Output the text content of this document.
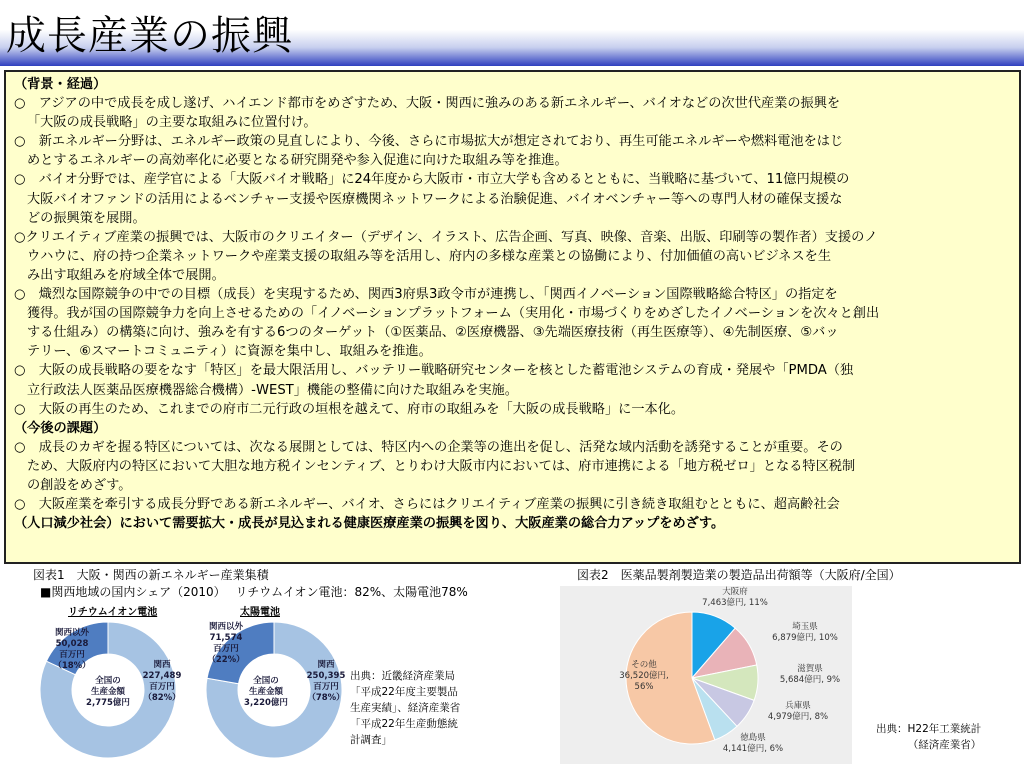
成長産業の振興
（背景・経過）
○　アジアの中で成長を成し遂げ、ハイエンド都市をめざすため、大阪・関西に強みのある新エネルギー、バイオなどの次世代産業の振興を
「大阪の成長戦略」の主要な取組みに位置付け。
○　新エネルギー分野は、エネルギー政策の見直しにより、今後、さらに市場拡大が想定されており、再生可能エネルギーや燃料電池をはじ
めとするエネルギーの高効率化に必要となる研究開発や参入促進に向けた取組み等を推進。
○　バイオ分野では、産学官による「大阪バイオ戦略」に24年度から大阪市・市立大学も含めるとともに、当戦略に基づいて、11億円規模の
大阪バイオファンドの活用によるベンチャー支援や医療機関ネットワークによる治験促進、バイオベンチャー等への専門人材の確保支援な
どの振興策を展開。
○クリエイティブ産業の振興では、大阪市のクリエイター（デザイン、イラスト、広告企画、写真、映像、音楽、出版、印刷等の製作者）支援のノ
ウハウに、府の持つ企業ネットワークや産業支援の取組み等を活用し、府内の多様な産業との協働により、付加価値の高いビジネスを生
み出す取組みを府域全体で展開。
○　熾烈な国際競争の中での目標（成長）を実現するため、関西3府県3政令市が連携し、「関西イノベーション国際戦略総合特区」の指定を
獲得。我が国の国際競争力を向上させるための「イノベーションプラットフォーム（実用化・市場づくりをめざしたイノベーションを次々と創出
する仕組み）の構築に向け、強みを有する6つのターゲット（①医薬品、②医療機器、③先端医療技術（再生医療等）、④先制医療、⑤バッ
テリー、⑥スマートコミュニティ）に資源を集中し、取組みを推進。
○　大阪の成長戦略の要をなす「特区」を最大限活用し、バッテリー戦略研究センターを核とした蓄電池システムの育成・発展や「PMDA（独
立行政法人医薬品医療機器総合機構）-WEST」機能の整備に向けた取組みを実施。
○　大阪の再生のため、これまでの府市二元行政の垣根を越えて、府市の取組みを「大阪の成長戦略」に一本化。
（今後の課題）
○　成長のカギを握る特区については、次なる展開としては、特区内への企業等の進出を促し、活発な域内活動を誘発することが重要。その
ため、大阪府内の特区において大胆な地方税インセンティブ、とりわけ大阪市内においては、府市連携による「地方税ゼロ」となる特区税制
の創設をめざす。
○　大阪産業を牽引する成長分野である新エネルギー、バイオ、さらにはクリエイティブ産業の振興に引き続き取組むとともに、超高齢社会
（人口減少社会）において需要拡大・成長が見込まれる健康医療産業の振興を図り、大阪産業の総合力アップをめざす。
図表1　大阪・関西の新エネルギー産業集積
■関西地域の国内シェア（2010）　 リチウムイオン電池：82%、太陽電池78%
リチウムイオン電池	太陽電池
関西以外
50,028
百万円
（18%）	関西
227,489
百万円
（82%）
全国の
生産金額
2,775億円
関西以外
71,574
百万円
（22%）	関西
250,395
百万円
（78%）
全国の
生産金額
3,220億円
出典：近畿経済産業局
「平成22年度主要製品
生産実績」、経済産業省
「平成22年生産動態統
計調査」
図表2　医薬品製剤製造業の製造品出荷額等（大阪府/全国）
大阪府
7,463億円, 11%
埼玉県
6,879億円, 10%
滋賀県
5,684億円, 9%
兵庫県
4,979億円, 8%
徳島県
4,141億円, 6%
その他
36,520億円,
56%
出典：H22年工業統計
（経済産業省）
